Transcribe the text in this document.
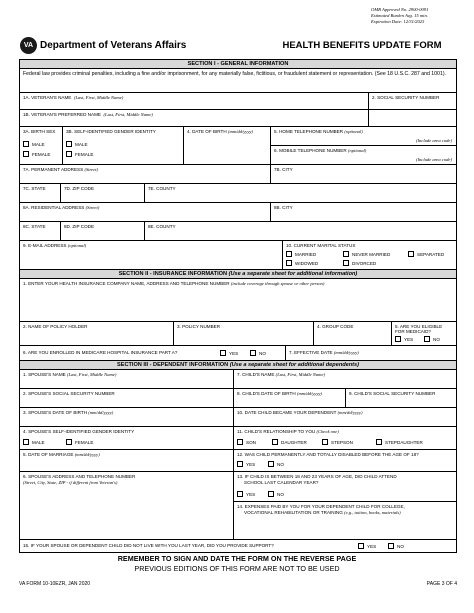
OMB Approved No. 2900-0091
Estimated Burden Avg. 15 min.
Expiration Date: 12/31/2023
VA Department of Veterans Affairs	HEALTH BENEFITS UPDATE FORM
SECTION I - GENERAL INFORMATION
Federal law provides criminal penalties, including a fine and/or imprisonment, for any materially false, fictitious, or fraudulent statement or representation. (See 18 U.S.C. 287 and 1001).
1A. VETERAN'S NAME (Last, First, Middle Name)	2. SOCIAL SECURITY NUMBER
1B. VETERAN'S PREFERRED NAME (Last, First, Middle Name)
3A. BIRTH SEX
MALE
FEMALE
3B. SELF-IDENTIFIED GENDER IDENTITY
MALE
FEMALE
4. DATE OF BIRTH (mm/dd/yyyy)	5. HOME TELEPHONE NUMBER (optional)
(Include area code)
6. MOBILE TELEPHONE NUMBER (optional)
(Include area code)
7A. PERMANENT ADDRESS (Street)	7B. CITY
7C. STATE	7D. ZIP CODE	7E. COUNTY
8A. RESIDENTIAL ADDRESS (Street)	8B. CITY
8C. STATE	8D. ZIP CODE	8E. COUNTY
9. E-MAIL ADDRESS (optional)	10. CURRENT MARITAL STATUS
MARRIED	NEVER MARRIED	SEPARATED
WIDOWED	DIVORCED
SECTION II - INSURANCE INFORMATION (Use a separate sheet for additional information)
1. ENTER YOUR HEALTH INSURANCE COMPANY NAME, ADDRESS AND TELEPHONE NUMBER (include coverage through spouse or other person)
2. NAME OF POLICY HOLDER	3. POLICY NUMBER	4. GROUP CODE	5. ARE YOU ELIGIBLE FOR MEDICAID?
YES	NO
6. ARE YOU ENROLLED IN MEDICARE HOSPITAL INSURANCE PART A?	YES	NO	7. EFFECTIVE DATE (mm/dd/yyyy)
SECTION III - DEPENDENT INFORMATION (Use a separate sheet for additional dependents)
1. SPOUSE'S NAME (Last, First, Middle Name)	7. CHILD'S NAME (Last, First, Middle Name)
2. SPOUSE'S SOCIAL SECURITY NUMBER	8. CHILD'S DATE OF BIRTH (mm/dd/yyyy)	9. CHILD'S SOCIAL SECURITY NUMBER
3. SPOUSE'S DATE OF BIRTH (mm/dd/yyyy)	10. DATE CHILD BECAME YOUR DEPENDENT (mm/dd/yyyy)
4. SPOUSE'S SELF-IDENTIFIED GENDER IDENTITY
MALE	FEMALE
11. CHILD'S RELATIONSHIP TO YOU (Check one)
SON	DAUGHTER	STEPSON	STEPDAUGHTER
5. DATE OF MARRIAGE (mm/dd/yyyy)	12. WAS CHILD PERMANENTLY AND TOTALLY DISABLED BEFORE THE AGE OF 18?
YES	NO
6. SPOUSE'S ADDRESS AND TELEPHONE NUMBER
(Street, City, State, ZIP - if different from Veteran's)
13. IF CHILD IS BETWEEN 18 AND 23 YEARS OF AGE, DID CHILD ATTEND
SCHOOL LAST CALENDAR YEAR?
YES	NO
14. EXPENSES PAID BY YOU FOR YOUR DEPENDENT CHILD FOR COLLEGE,
VOCATIONAL REHABILITATION OR TRAINING (e.g., tuition, books, materials)
15. IF YOUR SPOUSE OR DEPENDENT CHILD DID NOT LIVE WITH YOU LAST YEAR, DID YOU PROVIDE SUPPORT?	YES	NO
REMEMBER TO SIGN AND DATE THE FORM ON THE REVERSE PAGE
PREVIOUS EDITIONS OF THIS FORM ARE NOT TO BE USED
VA FORM 10-10EZR, JAN 2020	PAGE 3 OF 4
